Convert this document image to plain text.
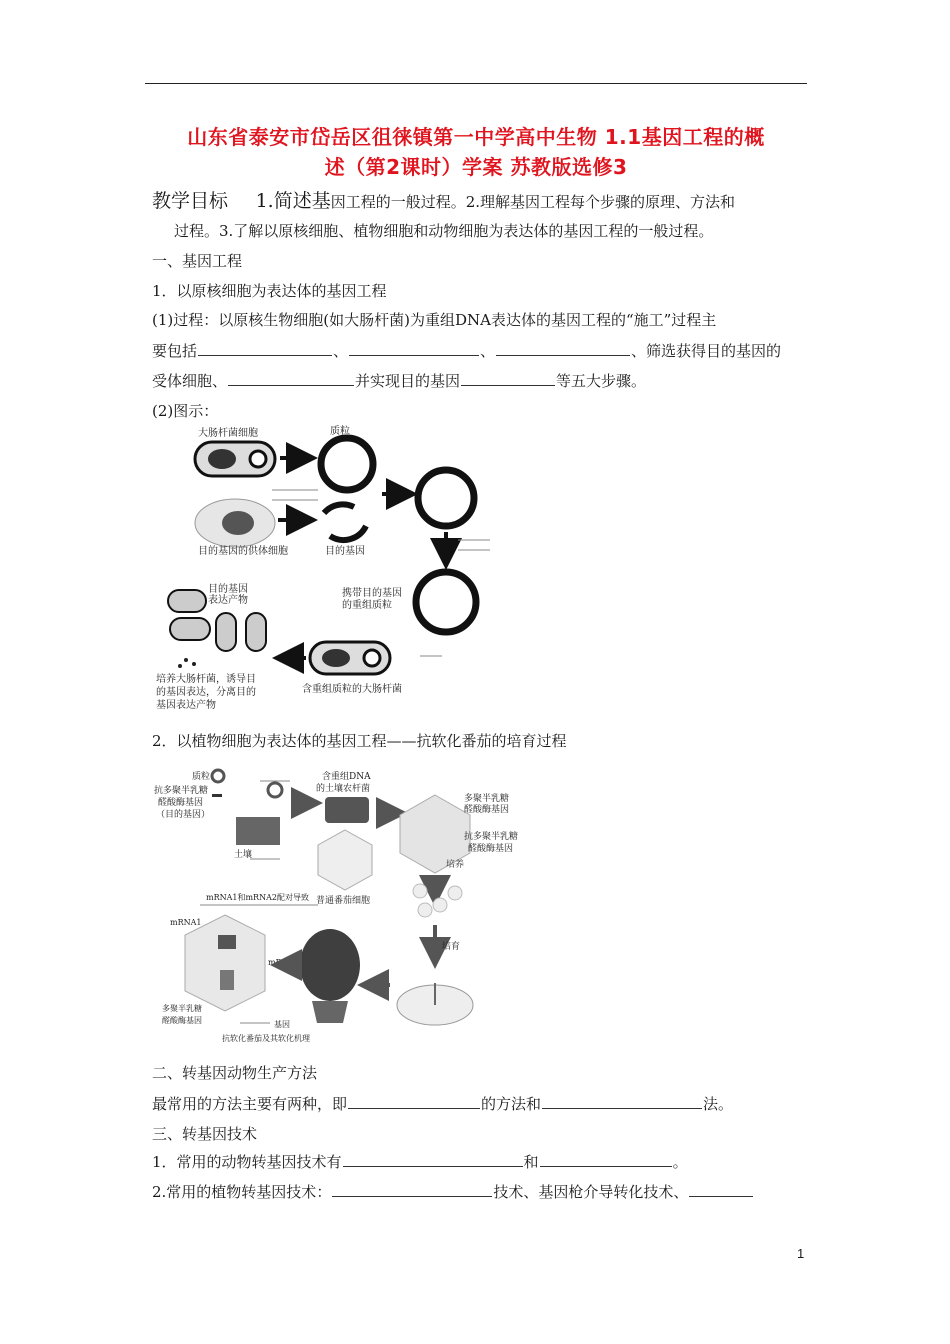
山东省泰安市岱岳区徂徕镇第一中学高中生物 1.1基因工程的概
述（第2课时）学案 苏教版选修3
教学目标 1.简述基因工程的一般过程。2.理解基因工程每个步骤的原理、方法和
过程。3.了解以原核细胞、植物细胞和动物细胞为表达体的基因工程的一般过程。
一、基因工程
1．以原核细胞为表达体的基因工程
(1)过程：以原核生物细胞(如大肠杆菌)为重组DNA表达体的基因工程的“施工”过程主
要包括	、	、	、筛选获得目的基因的
受体细胞、	并实现目的基因	等五大步骤。
(2)图示：
大肠杆菌细胞	质粒
目的基因的供体细胞	目的基因
携带目的基因
的重组质粒
目的基因
表达产物
含重组质粒的大肠杆菌
培养大肠杆菌，诱导目
的基因表达，分离目的
基因表达产物
2．以植物细胞为表达体的基因工程——抗软化番茄的培育过程
质粒
抗多聚半乳糖
醛酸酶基因
（目的基因）
土壤
含重组DNA
的土壤农杆菌
普通番茄细胞
多聚半乳糖
醛酸酶基因
抗多聚半乳糖
醛酸酶基因
培养
培育
mRNA1和mRNA2配对导致
mRNA1
mRNA2
多聚半乳糖
醛酸酶基因	基因
抗软化番茄及其软化机理
二、转基因动物生产方法
最常用的方法主要有两种，即	的方法和	法。
三、转基因技术
1．常用的动物转基因技术有	和	。
2.常用的植物转基因技术：	技术、基因枪介导转化技术、
1
